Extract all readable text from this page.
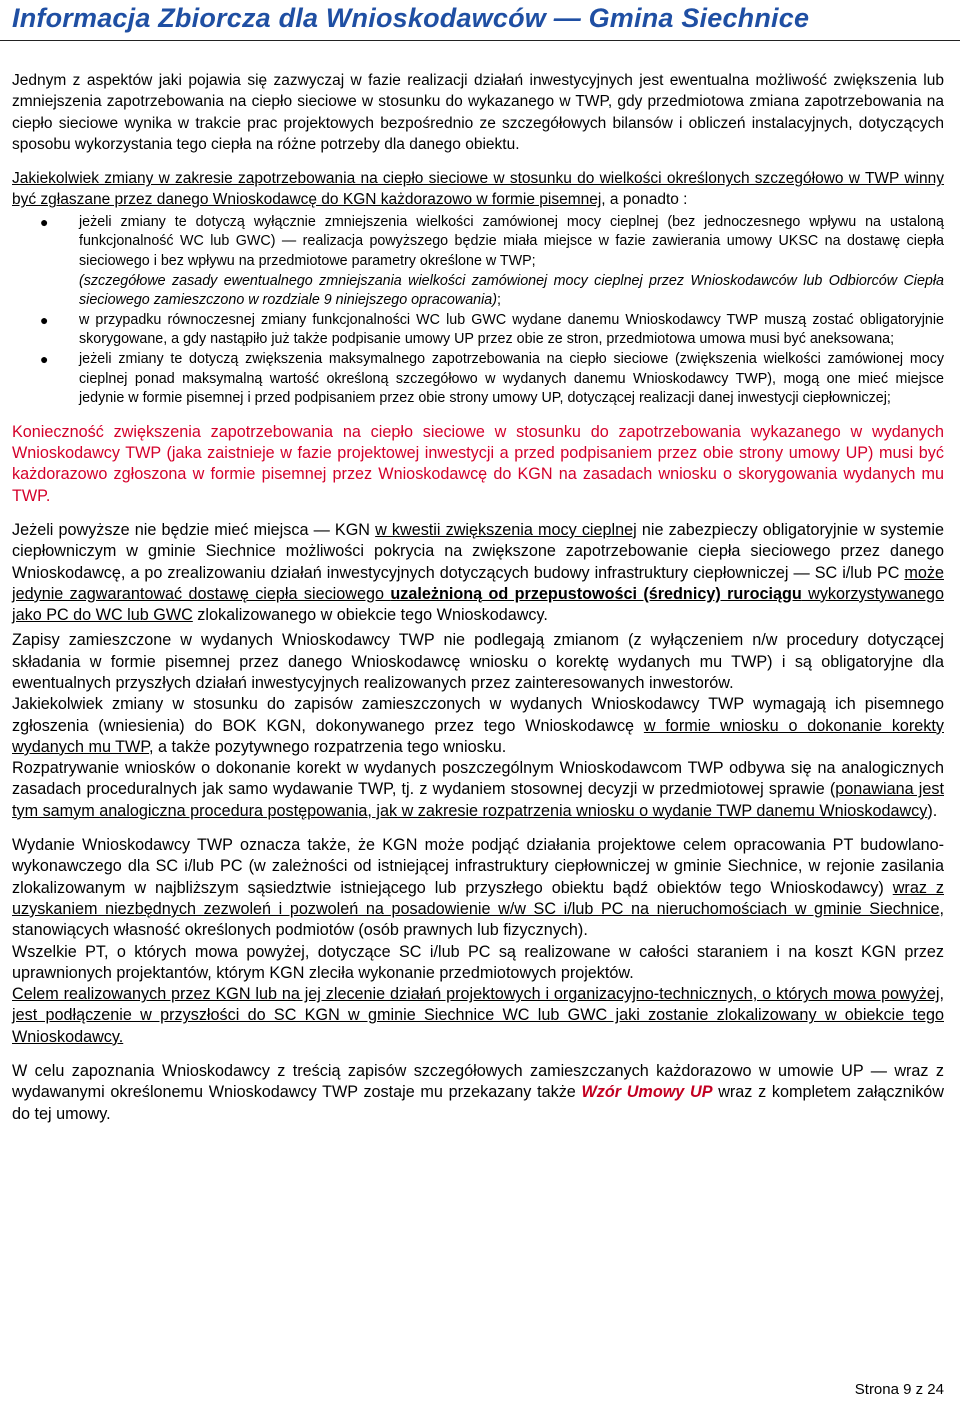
Informacja Zbiorcza dla Wnioskodawców — Gmina Siechnice

Jednym z aspektów jaki pojawia się zazwyczaj w fazie realizacji działań inwestycyjnych jest ewentualna możliwość zwiększenia lub zmniejszenia zapotrzebowania na ciepło sieciowe w stosunku do wykazanego w TWP, gdy przedmiotowa zmiana zapotrzebowania na ciepło sieciowe wynika w trakcie prac projektowych bezpośrednio ze szczegółowych bilansów i obliczeń instalacyjnych, dotyczących sposobu wykorzystania tego ciepła na różne potrzeby dla danego obiektu.

Jakiekolwiek zmiany w zakresie zapotrzebowania na ciepło sieciowe w stosunku do wielkości określonych szczegółowo w TWP winny być zgłaszane przez danego Wnioskodawcę do KGN każdorazowo w formie pisemnej, a ponadto :

● jeżeli zmiany te dotyczą wyłącznie zmniejszenia wielkości zamówionej mocy cieplnej (bez jednoczesnego wpływu na ustaloną funkcjonalność WC lub GWC) — realizacja powyższego będzie miała miejsce w fazie zawierania umowy UKSC na dostawę ciepła sieciowego i bez wpływu na przedmiotowe parametry określone w TWP;
(szczegółowe zasady ewentualnego zmniejszania wielkości zamówionej mocy cieplnej przez Wnioskodawców lub Odbiorców Ciepła sieciowego zamieszczono w rozdziale 9 niniejszego opracowania);
● w przypadku równoczesnej zmiany funkcjonalności WC lub GWC wydane danemu Wnioskodawcy TWP muszą zostać obligatoryjnie skorygowane, a gdy nastąpiło już także podpisanie umowy UP przez obie ze stron, przedmiotowa umowa musi być aneksowana;
● jeżeli zmiany te dotyczą zwiększenia maksymalnego zapotrzebowania na ciepło sieciowe (zwiększenia wielkości zamówionej mocy cieplnej ponad maksymalną wartość określoną szczegółowo w wydanych danemu Wnioskodawcy TWP), mogą one mieć miejsce jedynie w formie pisemnej i przed podpisaniem przez obie strony umowy UP, dotyczącej realizacji danej inwestycji ciepłowniczej;

Konieczność zwiększenia zapotrzebowania na ciepło sieciowe w stosunku do zapotrzebowania wykazanego w wydanych Wnioskodawcy TWP (jaka zaistnieje w fazie projektowej inwestycji a przed podpisaniem przez obie strony umowy UP) musi być każdorazowo zgłoszona w formie pisemnej przez Wnioskodawcę do KGN na zasadach wniosku o skorygowania wydanych mu TWP.

Jeżeli powyższe nie będzie mieć miejsca — KGN w kwestii zwiększenia mocy cieplnej nie zabezpieczy obligatoryjnie w systemie ciepłowniczym w gminie Siechnice możliwości pokrycia na zwiększone zapotrzebowanie ciepła sieciowego przez danego Wnioskodawcę, a po zrealizowaniu działań inwestycyjnych dotyczących budowy infrastruktury ciepłowniczej — SC i/lub PC może jedynie zagwarantować dostawę ciepła sieciowego uzależnioną od przepustowości (średnicy) rurociągu wykorzystywanego jako PC do WC lub GWC zlokalizowanego w obiekcie tego Wnioskodawcy.

Zapisy zamieszczone w wydanych Wnioskodawcy TWP nie podlegają zmianom (z wyłączeniem n/w procedury dotyczącej składania w formie pisemnej przez danego Wnioskodawcę wniosku o korektę wydanych mu TWP) i są obligatoryjne dla ewentualnych przyszłych działań inwestycyjnych realizowanych przez zainteresowanych inwestorów.

Jakiekolwiek zmiany w stosunku do zapisów zamieszczonych w wydanych Wnioskodawcy TWP wymagają ich pisemnego zgłoszenia (wniesienia) do BOK KGN, dokonywanego przez tego Wnioskodawcę w formie wniosku o dokonanie korekty wydanych mu TWP, a także pozytywnego rozpatrzenia tego wniosku.

Rozpatrywanie wniosków o dokonanie korekt w wydanych poszczególnym Wnioskodawcom TWP odbywa się na analogicznych zasadach proceduralnych jak samo wydawanie TWP, tj. z wydaniem stosownej decyzji w przedmiotowej sprawie (ponawiana jest tym samym analogiczna procedura postępowania, jak w zakresie rozpatrzenia wniosku o wydanie TWP danemu Wnioskodawcy).

Wydanie Wnioskodawcy TWP oznacza także, że KGN może podjąć działania projektowe celem opracowania PT budowlano-wykonawczego dla SC i/lub PC (w zależności od istniejącej infrastruktury ciepłowniczej w gminie Siechnice, w rejonie zasilania zlokalizowanym w najbliższym sąsiedztwie istniejącego lub przyszłego obiektu bądź obiektów tego Wnioskodawcy) wraz z uzyskaniem niezbędnych zezwoleń i pozwoleń na posadowienie w/w SC i/lub PC na nieruchomościach w gminie Siechnice, stanowiących własność określonych podmiotów (osób prawnych lub fizycznych).

Wszelkie PT, o których mowa powyżej, dotyczące SC i/lub PC są realizowane w całości staraniem i na koszt KGN przez uprawnionych projektantów, którym KGN zleciła wykonanie przedmiotowych projektów.

Celem realizowanych przez KGN lub na jej zlecenie działań projektowych i organizacyjno-technicznych, o których mowa powyżej, jest podłączenie w przyszłości do SC KGN w gminie Siechnice WC lub GWC jaki zostanie zlokalizowany w obiekcie tego Wnioskodawcy.

W celu zapoznania Wnioskodawcy z treścią zapisów szczegółowych zamieszczanych każdorazowo w umowie UP — wraz z wydawanymi określonemu Wnioskodawcy TWP zostaje mu przekazany także Wzór Umowy UP wraz z kompletem załączników do tej umowy.

Strona 9 z 24
